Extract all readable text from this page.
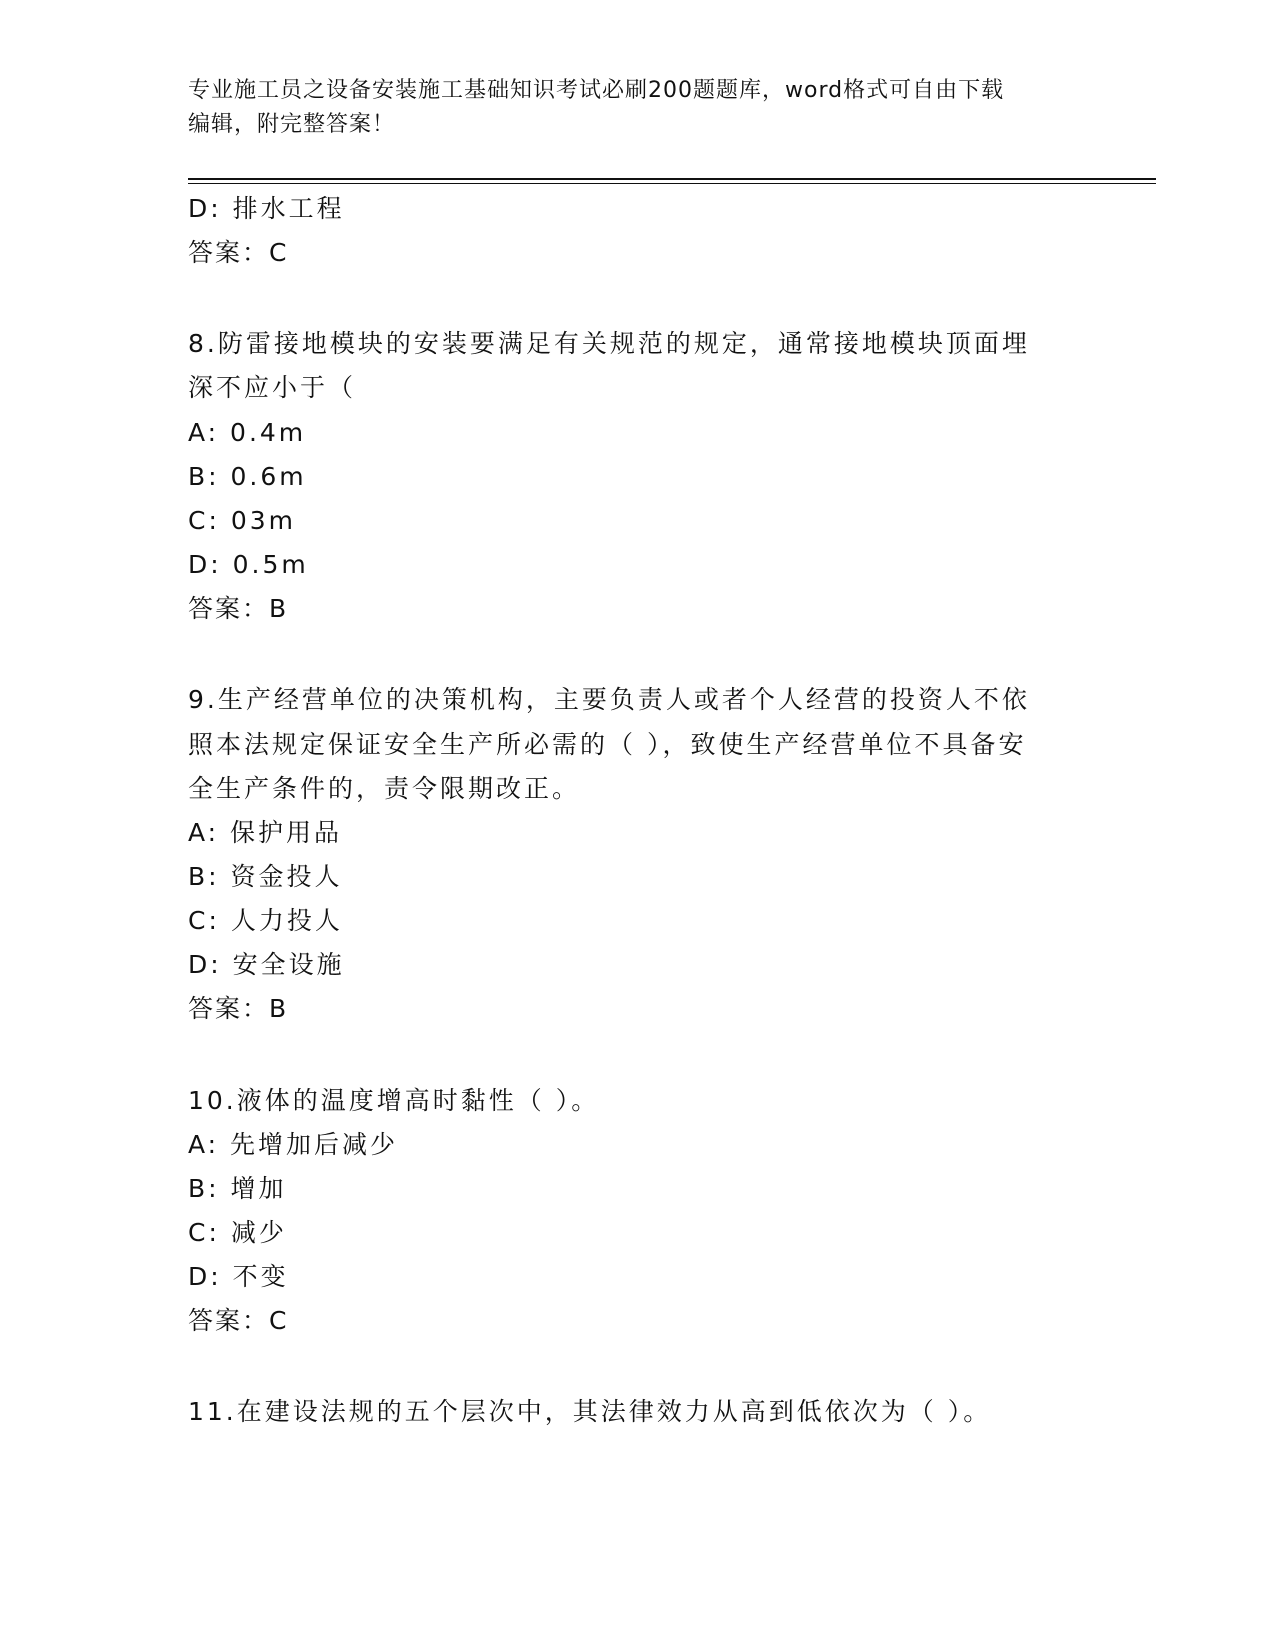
专业施工员之设备安装施工基础知识考试必刷200题题库，word格式可自由下载
编辑，附完整答案！
D: 排水工程
答案：C
8.防雷接地模块的安装要满足有关规范的规定，通常接地模块顶面埋
深不应小于（
A: 0.4m
B: 0.6m
C: 03m
D: 0.5m
答案：B
9.生产经营单位的决策机构，主要负责人或者个人经营的投资人不依
照本法规定保证安全生产所必需的（ ），致使生产经营单位不具备安
全生产条件的，责令限期改正。
A: 保护用品
B: 资金投人
C: 人力投人
D: 安全设施
答案：B
10.液体的温度增高时黏性（ ）。
A: 先增加后减少
B: 增加
C: 减少
D: 不变
答案：C
11.在建设法规的五个层次中，其法律效力从高到低依次为（ ）。
